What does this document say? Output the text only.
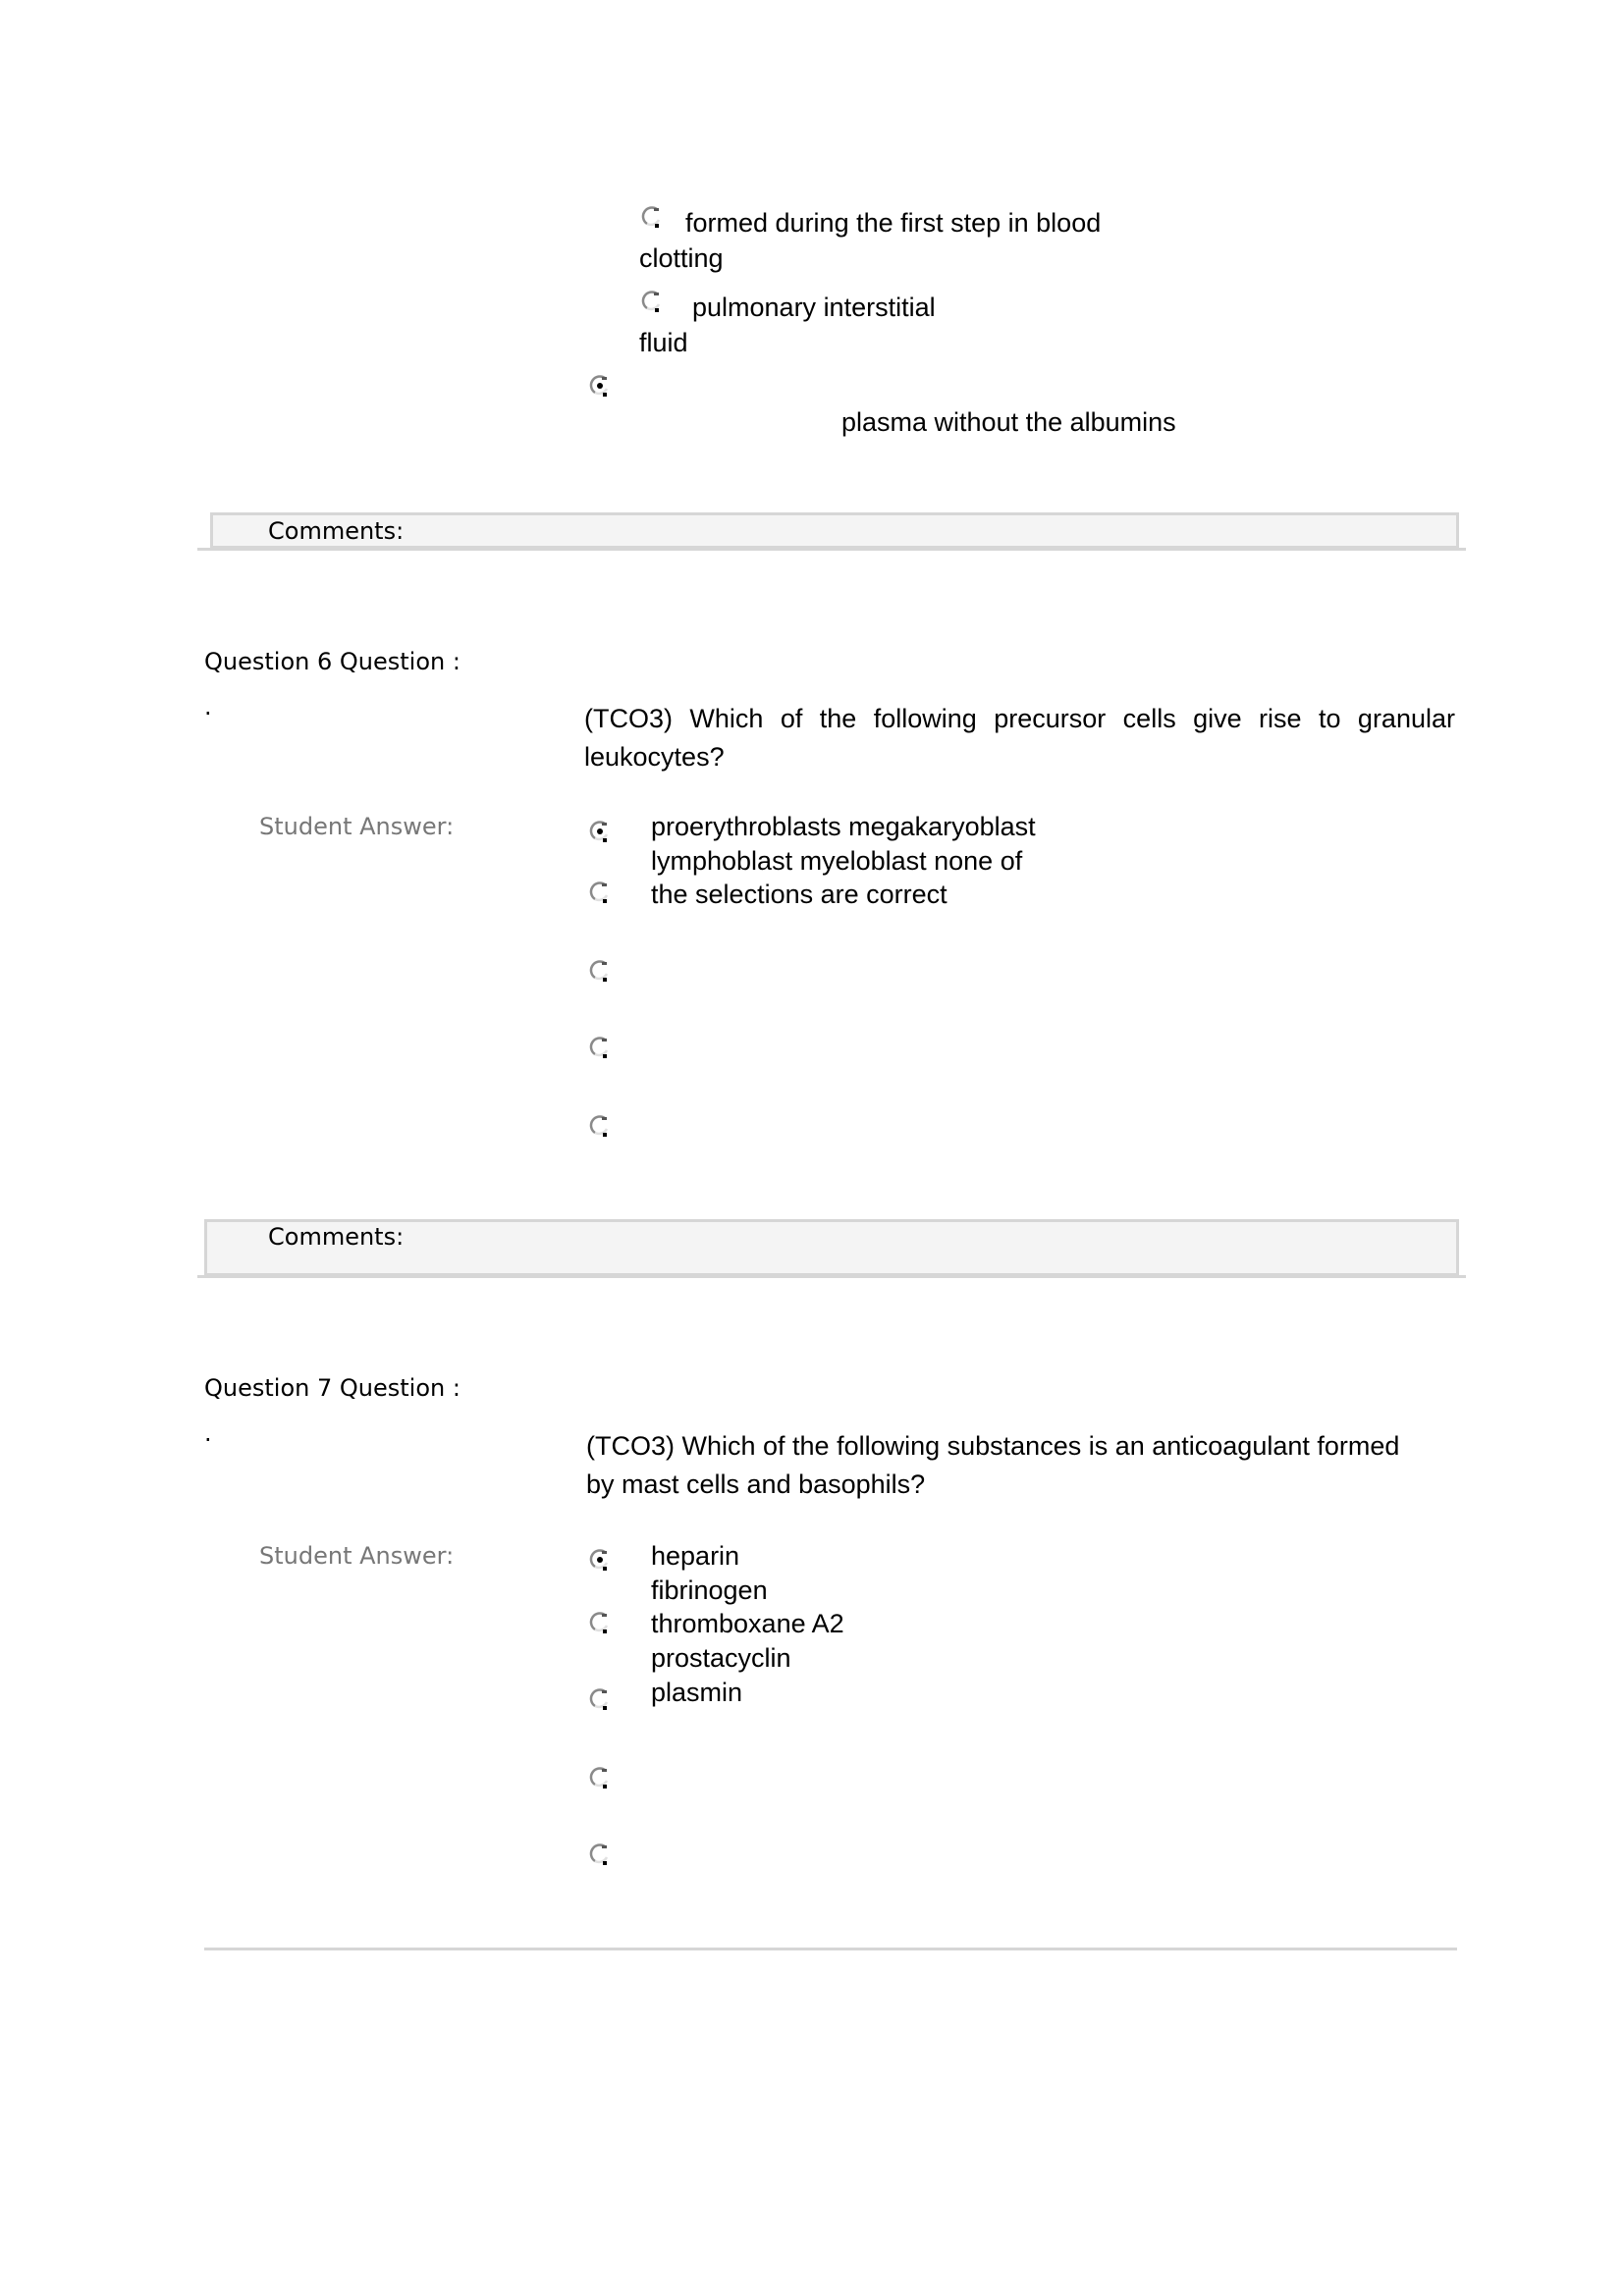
formed during the first step in blood
clotting
pulmonary interstitial
fluid
plasma without the albumins
Comments:
Question 6 Question :
.	(TCO3)  Which  of  the  following  precursor  cells  give  rise  to  granular
leukocytes?
Student Answer:	proerythroblasts megakaryoblast
lymphoblast myeloblast none of
the selections are correct
Comments:
Question 7 Question :
.	(TCO3) Which of the following substances is an anticoagulant formed
by mast cells and basophils?
Student Answer:	heparin
fibrinogen
thromboxane A2
prostacyclin
plasmin
